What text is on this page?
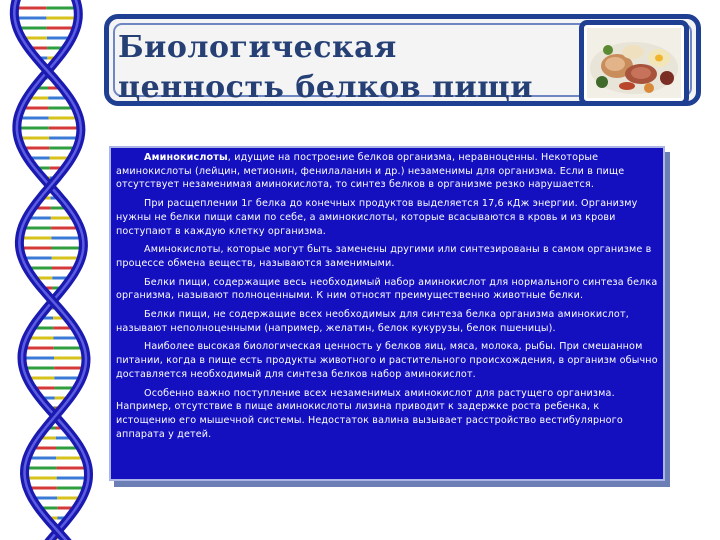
Биологическая
ценность белков пищи

Аминокислоты, идущие на построение белков организма, неравноценны. Некоторые аминокислоты (лейцин, метионин, фенилаланин и др.) незаменимы для организма. Если в пище отсутствует незаменимая аминокислота, то синтез белков в организме резко нарушается.

При расщеплении 1г белка до конечных продуктов выделяется 17,6 кДж энергии. Организму нужны не белки пищи сами по себе, а аминокислоты, которые всасываются в кровь и из крови поступают в каждую клетку организма.

Аминокислоты, которые могут быть заменены другими или синтезированы в самом организме в процессе обмена веществ, называются заменимыми.

Белки пищи, содержащие весь необходимый набор аминокислот для нормального синтеза белка организма, называют полноценными. К ним относят преимущественно животные белки.

Белки пищи, не содержащие всех необходимых для синтеза белка организма аминокислот, называют неполноценными (например, желатин, белок кукурузы, белок пшеницы).

Наиболее высокая биологическая ценность у белков яиц, мяса, молока, рыбы. При смешанном питании, когда в пище есть продукты животного и растительного происхождения, в организм обычно доставляется необходимый для синтеза белков набор аминокислот.

Особенно важно поступление всех незаменимых аминокислот для растущего организма. Например, отсутствие в пище аминокислоты лизина приводит к задержке роста ребенка, к истощению его мышечной системы. Недостаток валина вызывает расстройство вестибулярного аппарата у детей.
